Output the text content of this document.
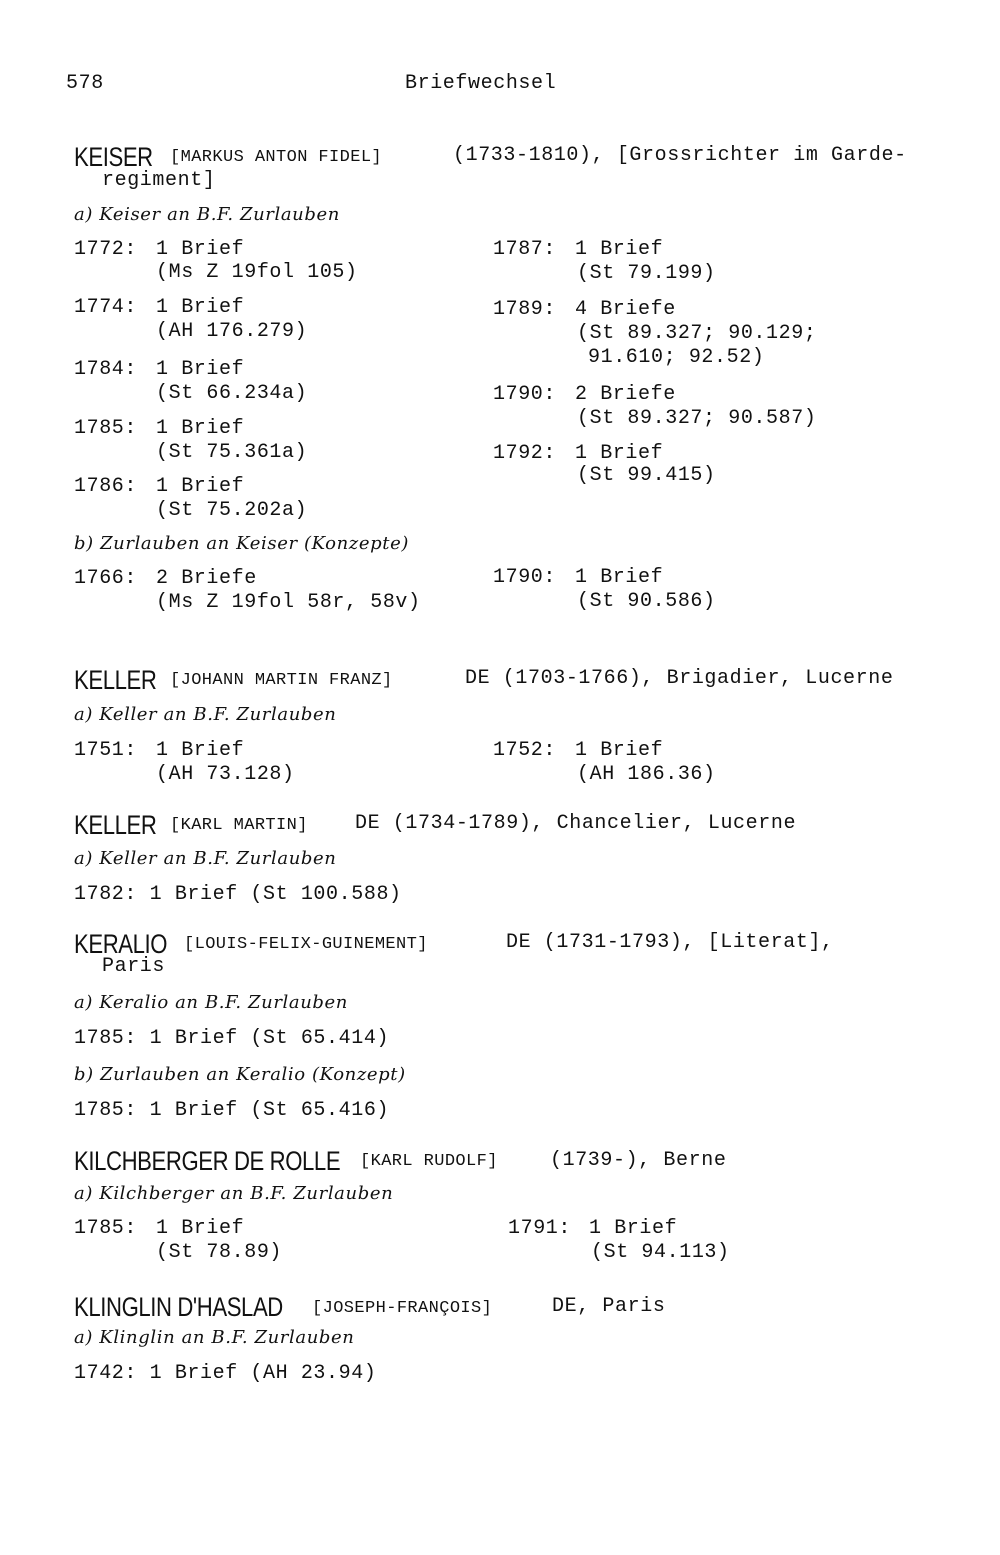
578	Briefwechsel
KEISER [MARKUS ANTON FIDEL]	(1733-1810), [Grossrichter im Garde-
regiment]
a) Keiser an B.F. Zurlauben
1772: 1 Brief
(Ms Z 19fol 105)
1774: 1 Brief
(AH 176.279)
1784: 1 Brief
(St 66.234a)
1785: 1 Brief
(St 75.361a)
1786: 1 Brief
(St 75.202a)
1787: 1 Brief
(St 79.199)
1789: 4 Briefe
(St 89.327; 90.129;
91.610; 92.52)
1790: 2 Briefe
(St 89.327; 90.587)
1792: 1 Brief
(St 99.415)
b) Zurlauben an Keiser (Konzepte)
1766: 2 Briefe
(Ms Z 19fol 58r, 58v)
1790: 1 Brief
(St 90.586)
KELLER [JOHANN MARTIN FRANZ]	DE (1703-1766), Brigadier, Lucerne
a) Keller an B.F. Zurlauben
1751: 1 Brief
(AH 73.128)
1752: 1 Brief
(AH 186.36)
KELLER [KARL MARTIN] DE (1734-1789), Chancelier, Lucerne
a) Keller an B.F. Zurlauben
1782: 1 Brief (St 100.588)
KERALIO [LOUIS-FELIX-GUINEMENT]	DE (1731-1793), [Literat],
Paris
a) Keralio an B.F. Zurlauben
1785: 1 Brief (St 65.414)
b) Zurlauben an Keralio (Konzept)
1785: 1 Brief (St 65.416)
KILCHBERGER DE ROLLE [KARL RUDOLF]	(1739-), Berne
a) Kilchberger an B.F. Zurlauben
1785: 1 Brief
(St 78.89)
1791: 1 Brief
(St 94.113)
KLINGLIN D'HASLAD [JOSEPH-FRANÇOIS]	DE, Paris
a) Klinglin an B.F. Zurlauben
1742: 1 Brief (AH 23.94)
